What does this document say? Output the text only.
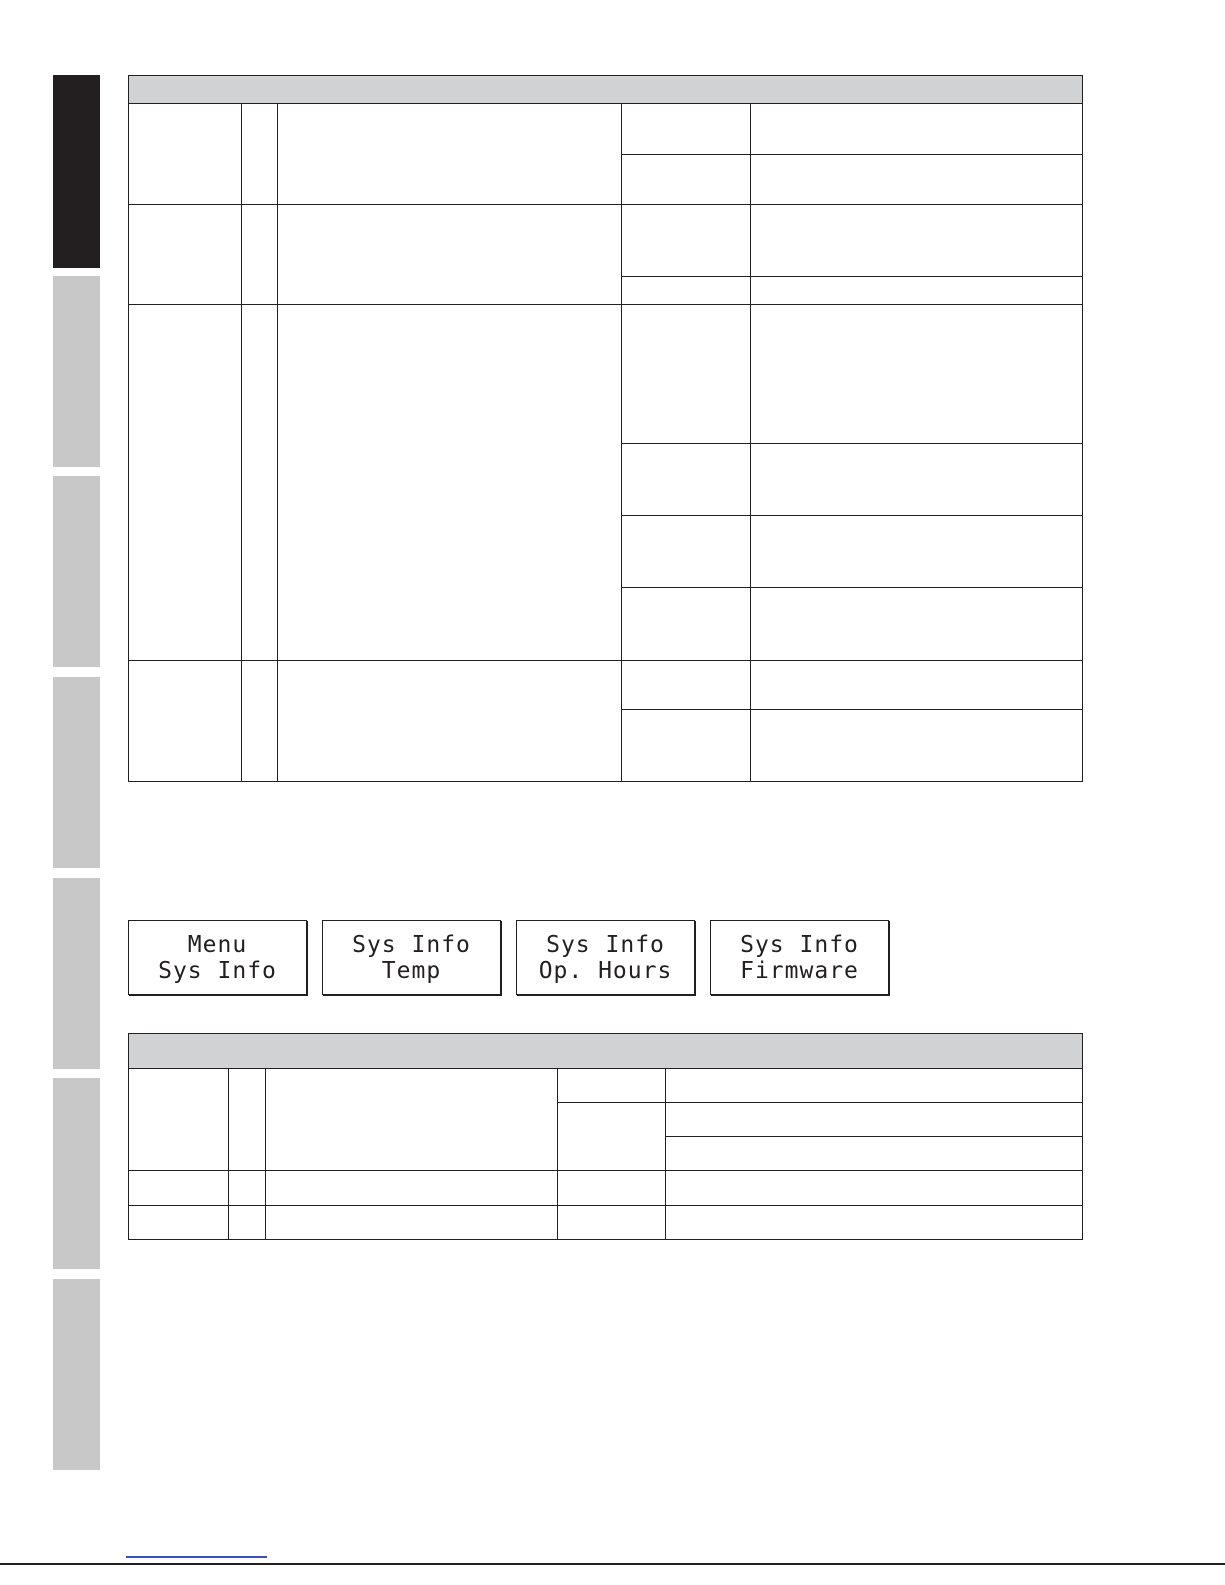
Menu
Sys Info
Sys Info
Temp
Sys Info
Op. Hours
Sys Info
Firmware
